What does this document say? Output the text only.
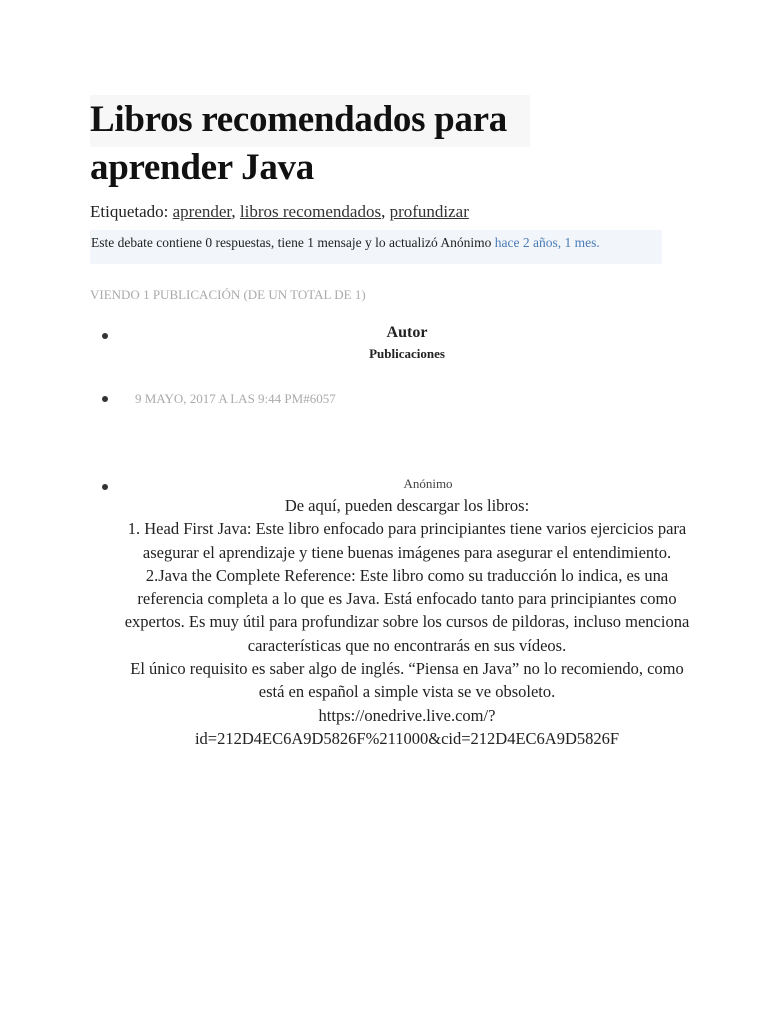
Libros recomendados para aprender Java
Etiquetado: aprender, libros recomendados, profundizar
Este debate contiene 0 respuestas, tiene 1 mensaje y lo actualizó Anónimo hace 2 años, 1 mes.
VIENDO 1 PUBLICACIÓN (DE UN TOTAL DE 1)
Autor
Publicaciones
9 MAYO, 2017 A LAS 9:44 PM#6057
Anónimo

De aquí, pueden descargar los libros:

1. Head First Java: Este libro enfocado para principiantes tiene varios ejercicios para asegurar el aprendizaje y tiene buenas imágenes para asegurar el entendimiento.

2.Java the Complete Reference: Este libro como su traducción lo indica, es una referencia completa a lo que es Java. Está enfocado tanto para principiantes como expertos. Es muy útil para profundizar sobre los cursos de pildoras, incluso menciona características que no encontrarás en sus vídeos.

El único requisito es saber algo de inglés. “Piensa en Java” no lo recomiendo, como está en español a simple vista se ve obsoleto.

https://onedrive.live.com/?id=212D4EC6A9D5826F%211000&cid=212D4EC6A9D5826F
